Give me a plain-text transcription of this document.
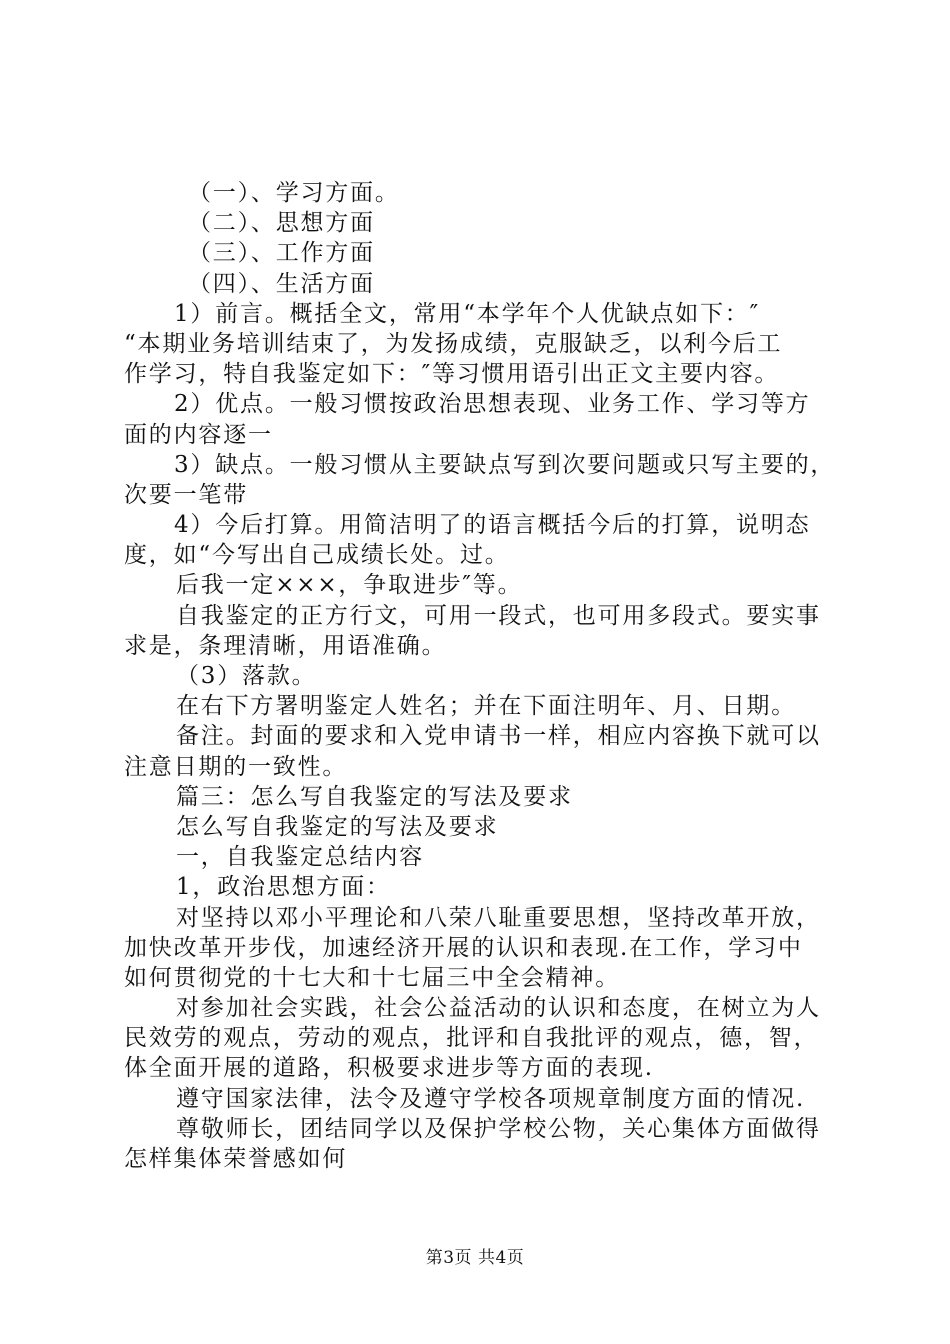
（一）、学习方面。
（二）、思想方面
（三）、工作方面
（四）、生活方面
1）前言。概括全文，常用“本学年个人优缺点如下：″
“本期业务培训结束了，为发扬成绩，克服缺乏，以利今后工
作学习，特自我鉴定如下：″等习惯用语引出正文主要内容。
2）优点。一般习惯按政治思想表现、业务工作、学习等方
面的内容逐一
3）缺点。一般习惯从主要缺点写到次要问题或只写主要的，
次要一笔带
4）今后打算。用简洁明了的语言概括今后的打算，说明态
度，如“今写出自己成绩长处。过。
后我一定×××，争取进步″等。
自我鉴定的正方行文，可用一段式，也可用多段式。要实事
求是，条理清晰，用语准确。
（3）落款。
在右下方署明鉴定人姓名；并在下面注明年、月、日期。
备注。封面的要求和入党申请书一样，相应内容换下就可以
注意日期的一致性。
篇三：怎么写自我鉴定的写法及要求
怎么写自我鉴定的写法及要求
一，自我鉴定总结内容
1，政治思想方面：
对坚持以邓小平理论和八荣八耻重要思想，坚持改革开放，
加快改革开步伐，加速经济开展的认识和表现.在工作，学习中
如何贯彻党的十七大和十七届三中全会精神。
对参加社会实践，社会公益活动的认识和态度，在树立为人
民效劳的观点，劳动的观点，批评和自我批评的观点，德，智，
体全面开展的道路，积极要求进步等方面的表现.
遵守国家法律，法令及遵守学校各项规章制度方面的情况.
尊敬师长，团结同学以及保护学校公物，关心集体方面做得
怎样集体荣誉感如何
第3页 共4页
